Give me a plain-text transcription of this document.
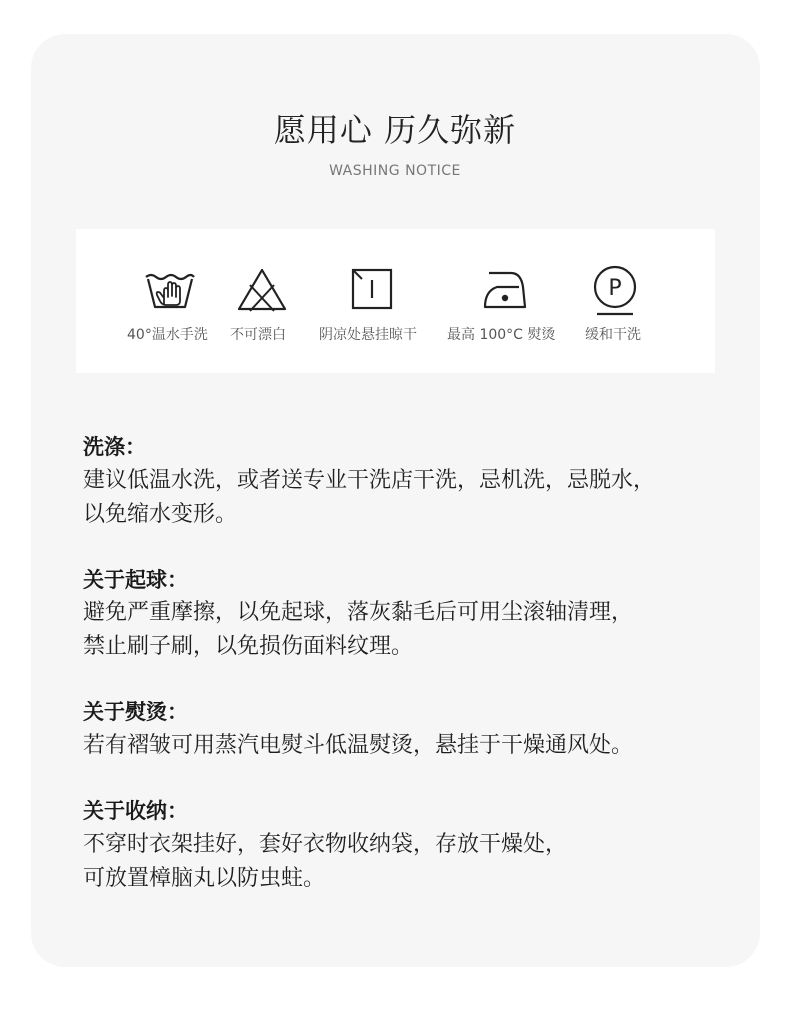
愿用心 历久弥新
WASHING NOTICE
40°温水手洗 不可漂白 阴凉处悬挂晾干 最高 100°C 熨烫
P
缓和干洗
洗涤：

建议低温水洗，或者送专业干洗店干洗，忌机洗，忌脱水，

以免缩水变形。

关于起球：

避免严重摩擦，以免起球，落灰黏毛后可用尘滚轴清理，

禁止刷子刷，以免损伤面料纹理。

关于熨烫：

若有褶皱可用蒸汽电熨斗低温熨烫，悬挂于干燥通风处。

关于收纳：

不穿时衣架挂好，套好衣物收纳袋，存放干燥处，

可放置樟脑丸以防虫蛀。
